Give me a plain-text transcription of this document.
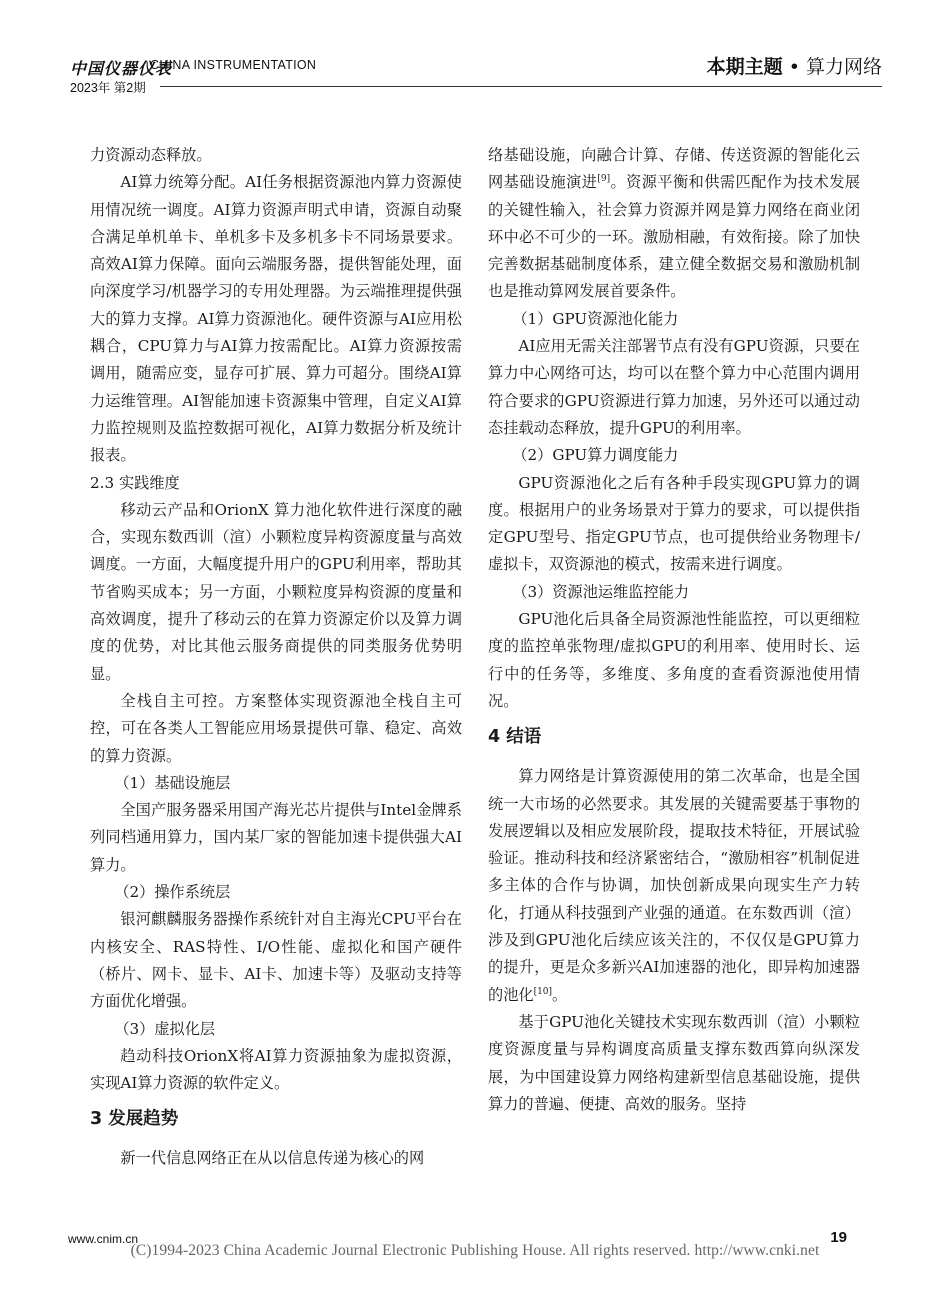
中国仪器仪表
CHINA INSTRUMENTATION
2023年 第2期
本期主题 • 算力网络

力资源动态释放。

AI算力统筹分配。AI任务根据资源池内算力资源使用情况统一调度。AI算力资源声明式申请，资源自动聚合满足单机单卡、单机多卡及多机多卡不同场景要求。高效AI算力保障。面向云端服务器，提供智能处理，面向深度学习/机器学习的专用处理器。为云端推理提供强大的算力支撑。AI算力资源池化。硬件资源与AI应用松耦合，CPU算力与AI算力按需配比。AI算力资源按需调用，随需应变，显存可扩展、算力可超分。围绕AI算力运维管理。AI智能加速卡资源集中管理，自定义AI算力监控规则及监控数据可视化，AI算力数据分析及统计报表。

2.3 实践维度

移动云产品和OrionX 算力池化软件进行深度的融合，实现东数西训（渲）小颗粒度异构资源度量与高效调度。一方面，大幅度提升用户的GPU利用率，帮助其节省购买成本；另一方面，小颗粒度异构资源的度量和高效调度，提升了移动云的在算力资源定价以及算力调度的优势，对比其他云服务商提供的同类服务优势明显。

全栈自主可控。方案整体实现资源池全栈自主可控，可在各类人工智能应用场景提供可靠、稳定、高效的算力资源。

（1）基础设施层

全国产服务器采用国产海光芯片提供与Intel金牌系列同档通用算力，国内某厂家的智能加速卡提供强大AI算力。

（2）操作系统层

银河麒麟服务器操作系统针对自主海光CPU平台在内核安全、RAS特性、I/O性能、虚拟化和国产硬件（桥片、网卡、显卡、AI卡、加速卡等）及驱动支持等方面优化增强。

（3）虚拟化层

趋动科技OrionX将AI算力资源抽象为虚拟资源，实现AI算力资源的软件定义。

3 发展趋势

新一代信息网络正在从以信息传递为核心的网

络基础设施，向融合计算、存储、传送资源的智能化云网基础设施演进[9]。资源平衡和供需匹配作为技术发展的关键性输入，社会算力资源并网是算力网络在商业闭环中必不可少的一环。激励相融，有效衔接。除了加快完善数据基础制度体系，建立健全数据交易和激励机制也是推动算网发展首要条件。

（1）GPU资源池化能力

AI应用无需关注部署节点有没有GPU资源，只要在算力中心网络可达，均可以在整个算力中心范围内调用符合要求的GPU资源进行算力加速，另外还可以通过动态挂载动态释放，提升GPU的利用率。

（2）GPU算力调度能力

GPU资源池化之后有各种手段实现GPU算力的调度。根据用户的业务场景对于算力的要求，可以提供指定GPU型号、指定GPU节点，也可提供给业务物理卡/虚拟卡，双资源池的模式，按需来进行调度。

（3）资源池运维监控能力

GPU池化后具备全局资源池性能监控，可以更细粒度的监控单张物理/虚拟GPU的利用率、使用时长、运行中的任务等，多维度、多角度的查看资源池使用情况。

4 结语

算力网络是计算资源使用的第二次革命，也是全国统一大市场的必然要求。其发展的关键需要基于事物的发展逻辑以及相应发展阶段，提取技术特征，开展试验验证。推动科技和经济紧密结合，“激励相容”机制促进多主体的合作与协调，加快创新成果向现实生产力转化，打通从科技强到产业强的通道。在东数西训（渲）涉及到GPU池化后续应该关注的，不仅仅是GPU算力的提升，更是众多新兴AI加速器的池化，即异构加速器的池化[10]。

基于GPU池化关键技术实现东数西训（渲）小颗粒度资源度量与异构调度高质量支撑东数西算向纵深发展，为中国建设算力网络构建新型信息基础设施，提供算力的普遍、便捷、高效的服务。坚持

www.cnim.cn	19
(C)1994-2023 China Academic Journal Electronic Publishing House. All rights reserved. http://www.cnki.net
